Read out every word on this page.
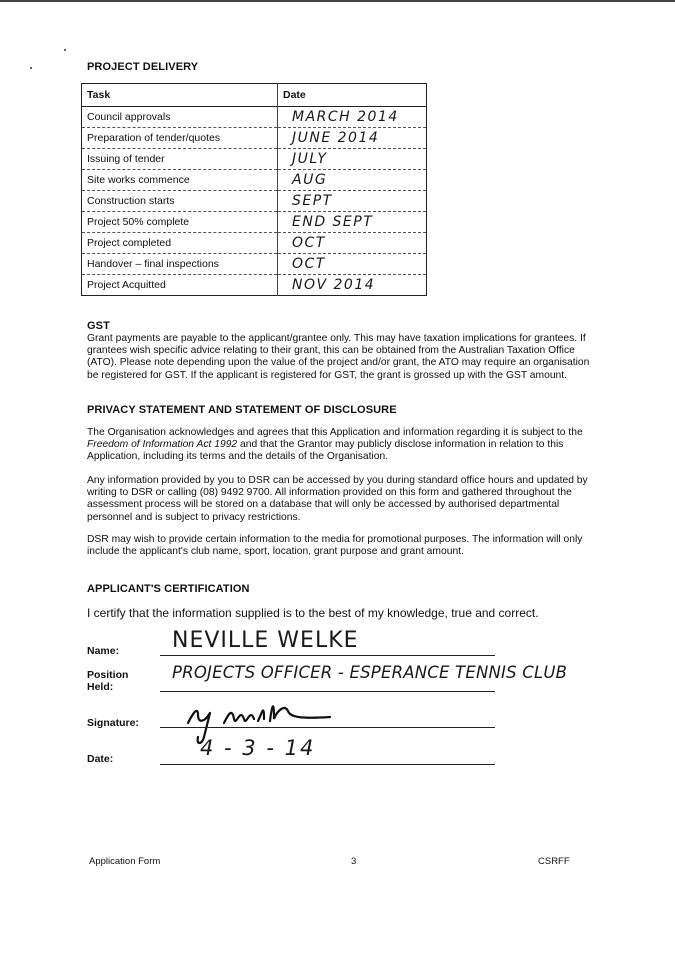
PROJECT DELIVERY
Task	Date
Council approvals	MARCH 2014
Preparation of tender/quotes	JUNE 2014
Issuing of tender	JULY
Site works commence	AUG
Construction starts	SEPT
Project 50% complete	END SEPT
Project completed	OCT
Handover – final inspections	OCT
Project Acquitted	NOV 2014
GST
Grant payments are payable to the applicant/grantee only. This may have taxation implications for grantees. If grantees wish specific advice relating to their grant, this can be obtained from the Australian Taxation Office (ATO). Please note depending upon the value of the project and/or grant, the ATO may require an organisation be registered for GST. If the applicant is registered for GST, the grant is grossed up with the GST amount.
PRIVACY STATEMENT AND STATEMENT OF DISCLOSURE

The Organisation acknowledges and agrees that this Application and information regarding it is subject to the Freedom of Information Act 1992 and that the Grantor may publicly disclose information in relation to this Application, including its terms and the details of the Organisation.

Any information provided by you to DSR can be accessed by you during standard office hours and updated by writing to DSR or calling (08) 9492 9700. All information provided on this form and gathered throughout the assessment process will be stored on a database that will only be accessed by authorised departmental personnel and is subject to privacy restrictions.
DSR may wish to provide certain information to the media for promotional purposes. The information will only include the applicant's club name, sport, location, grant purpose and grant amount.
APPLICANT'S CERTIFICATION
I certify that the information supplied is to the best of my knowledge, true and correct.
Name: NEVILLE WELKE
Position
Held:
PROJECTS OFFICER - ESPERANCE TENNIS CLUB
Signature:
Date:	4 - 3 - 14
Application Form	3	CSRFF
